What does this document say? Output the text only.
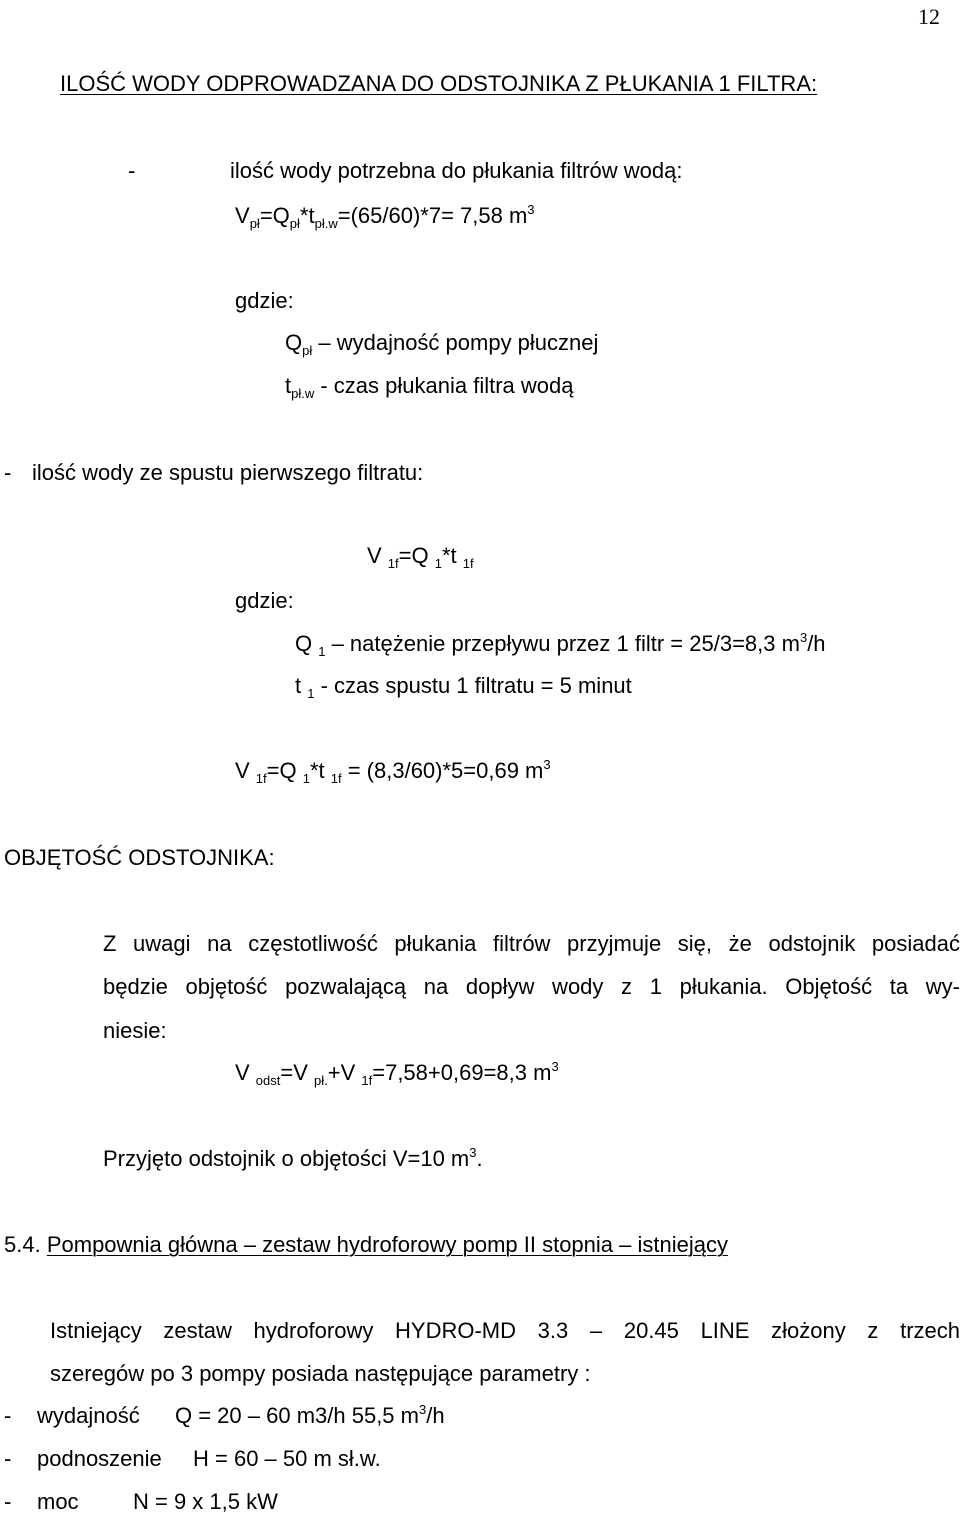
12
ILOŚĆ WODY ODPROWADZANA DO ODSTOJNIKA Z PŁUKANIA 1 FILTRA:
-	ilość wody potrzebna do płukania filtrów wodą:
$V_{pł}=Q_{pł}*t_{pł.w}=(65/60)*7= 7,58$ $m^3$
gdzie:
$Q_{pł}$ – wydajność pompy płucznej
$t_{pł.w}$ - czas płukania filtra wodą
- ilość wody ze spustu pierwszego filtratu:
V $_{1f}$=Q $_1$*t $_{1f}$
gdzie:
Q $_1$ – natężenie przepływu przez 1 filtr = 25/3=8,3 $m^3/h$
t $_1$ - czas spustu 1 filtratu = 5 minut
V $_{1f}$=Q $_1$*t $_{1f}$ = (8,3/60)*5=0,69 $m^3$
OBJĘTOŚĆ ODSTOJNIKA:
Z uwagi na częstotliwość płukania filtrów przyjmuje się, że odstojnik posiadać
będzie objętość pozwalającą na dopływ wody z 1 płukania. Objętość ta wy-
niesie:
V $_{odst}$=V $_{pł.}$+V $_{1f}$=7,58+0,69=8,3 $m^3$
Przyjęto odstojnik o objętości V=10 $m^3$.
5.4. Pompownia główna – zestaw hydroforowy pomp II stopnia – istniejący
Istniejący zestaw hydroforowy HYDRO-MD 3.3 – 20.45 LINE złożony z trzech
szeregów po 3 pompy posiada następujące parametry :
- wydajność Q = 20 – 60 m3/h 55,5 $m^3/h$
- podnoszenie H = 60 – 50 m sł.w.
- moc N = 9 x 1,5 kW
